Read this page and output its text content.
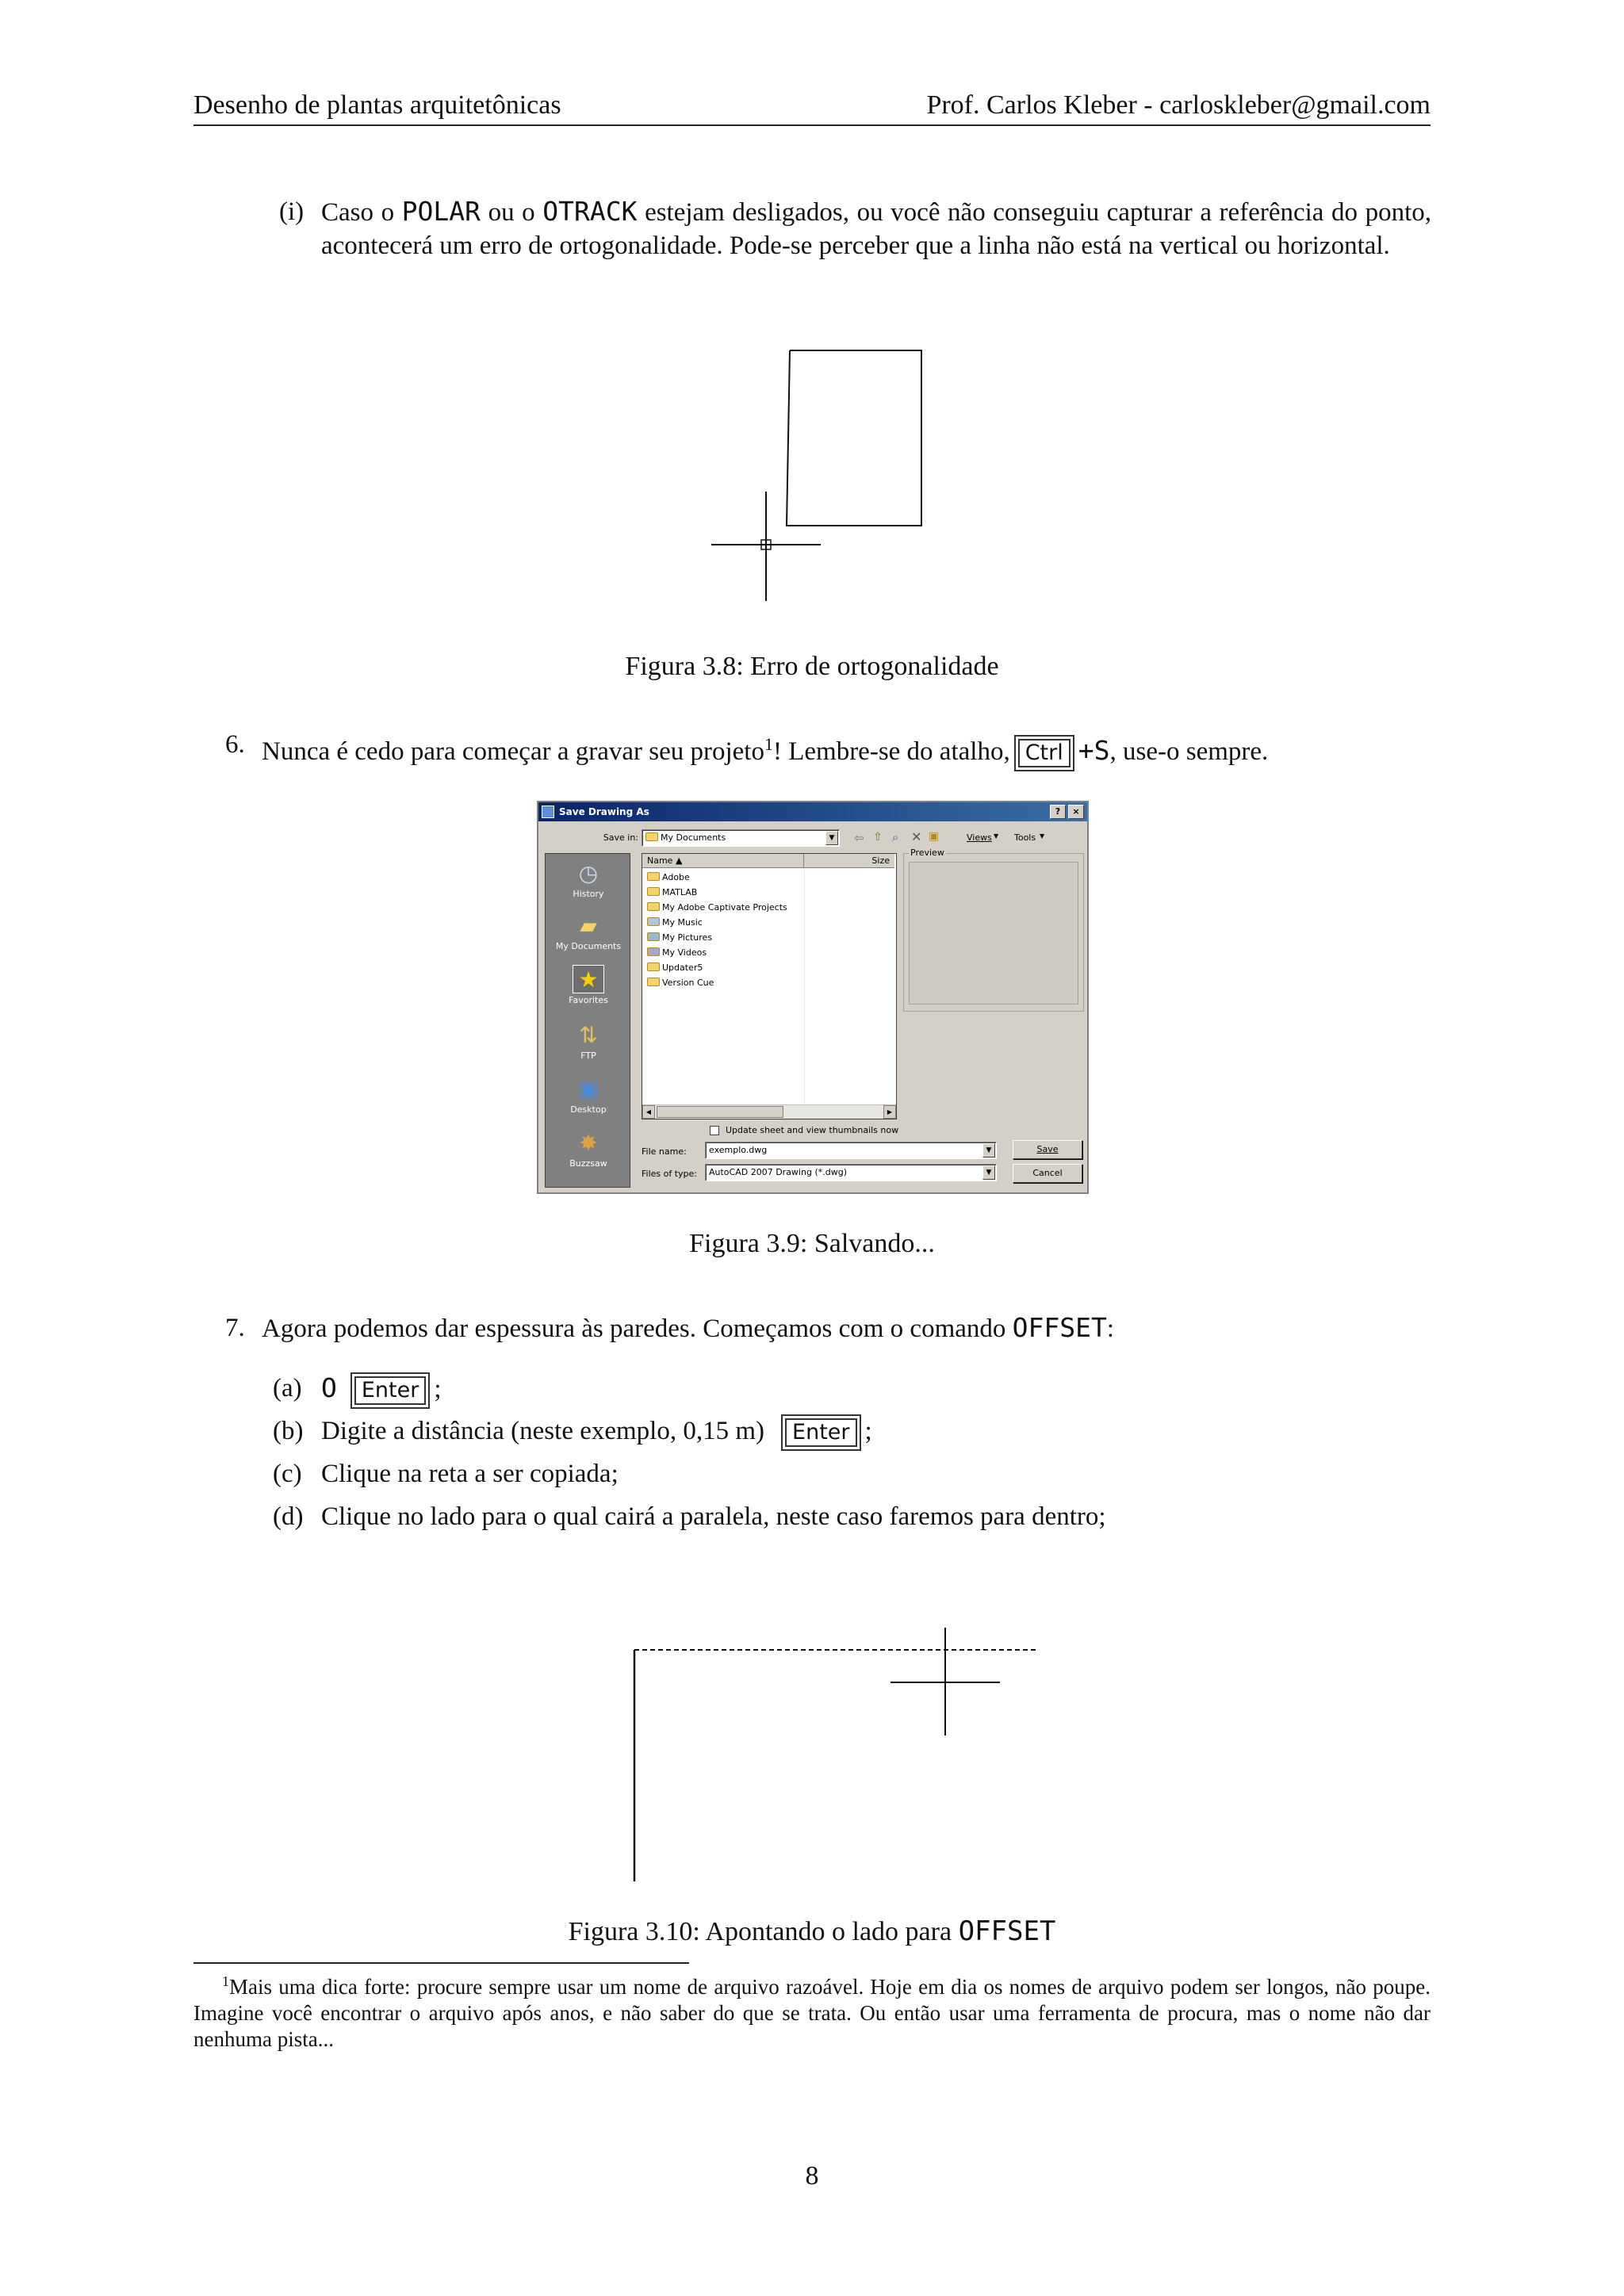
Desenho de plantas arquitetônicas	Prof. Carlos Kleber - carloskleber@gmail.com
(i) Caso o POLAR ou o OTRACK estejam desligados, ou você não conseguiu capturar a referência do ponto, acontecerá um erro de ortogonalidade. Pode-se perceber que a linha não está na vertical ou horizontal.
Figura 3.8: Erro de ortogonalidade
6. Nunca é cedo para começar a gravar seu projeto$^1$! Lembre-se do atalho, Ctrl +S, use-o sempre.
Save Drawing As	?	×
Save in:	My Documents	▼	⇦ ⇧ ⌕ ✕ ▣	Views ▼ Tools ▼
◷
History
▰
My Documents
★
Favorites
⇅
FTP
▣
Desktop
✸
Buzzsaw
Name ▲	Size
Adobe
MATLAB
My Adobe Captivate Projects
My Music
My Pictures
My Videos
Updater5
Version Cue
◀	▶
Preview
Update sheet and view thumbnails now
File name:	exemplo.dwg	▼	Save
Files of type:	AutoCAD 2007 Drawing (*.dwg)	▼	Cancel
Figura 3.9: Salvando...
7. Agora podemos dar espessura às paredes. Começamos com o comando OFFSET:
(a) O Enter ;
(b) Digite a distância (neste exemplo, 0,15 m) Enter ;
(c) Clique na reta a ser copiada;
(d) Clique no lado para o qual cairá a paralela, neste caso faremos para dentro;
Figura 3.10: Apontando o lado para OFFSET
$^1$Mais uma dica forte: procure sempre usar um nome de arquivo razoável. Hoje em dia os nomes de arquivo podem ser longos, não poupe. Imagine você encontrar o arquivo após anos, e não saber do que se trata. Ou então usar uma ferramenta de procura, mas o nome não dar nenhuma pista...
8
